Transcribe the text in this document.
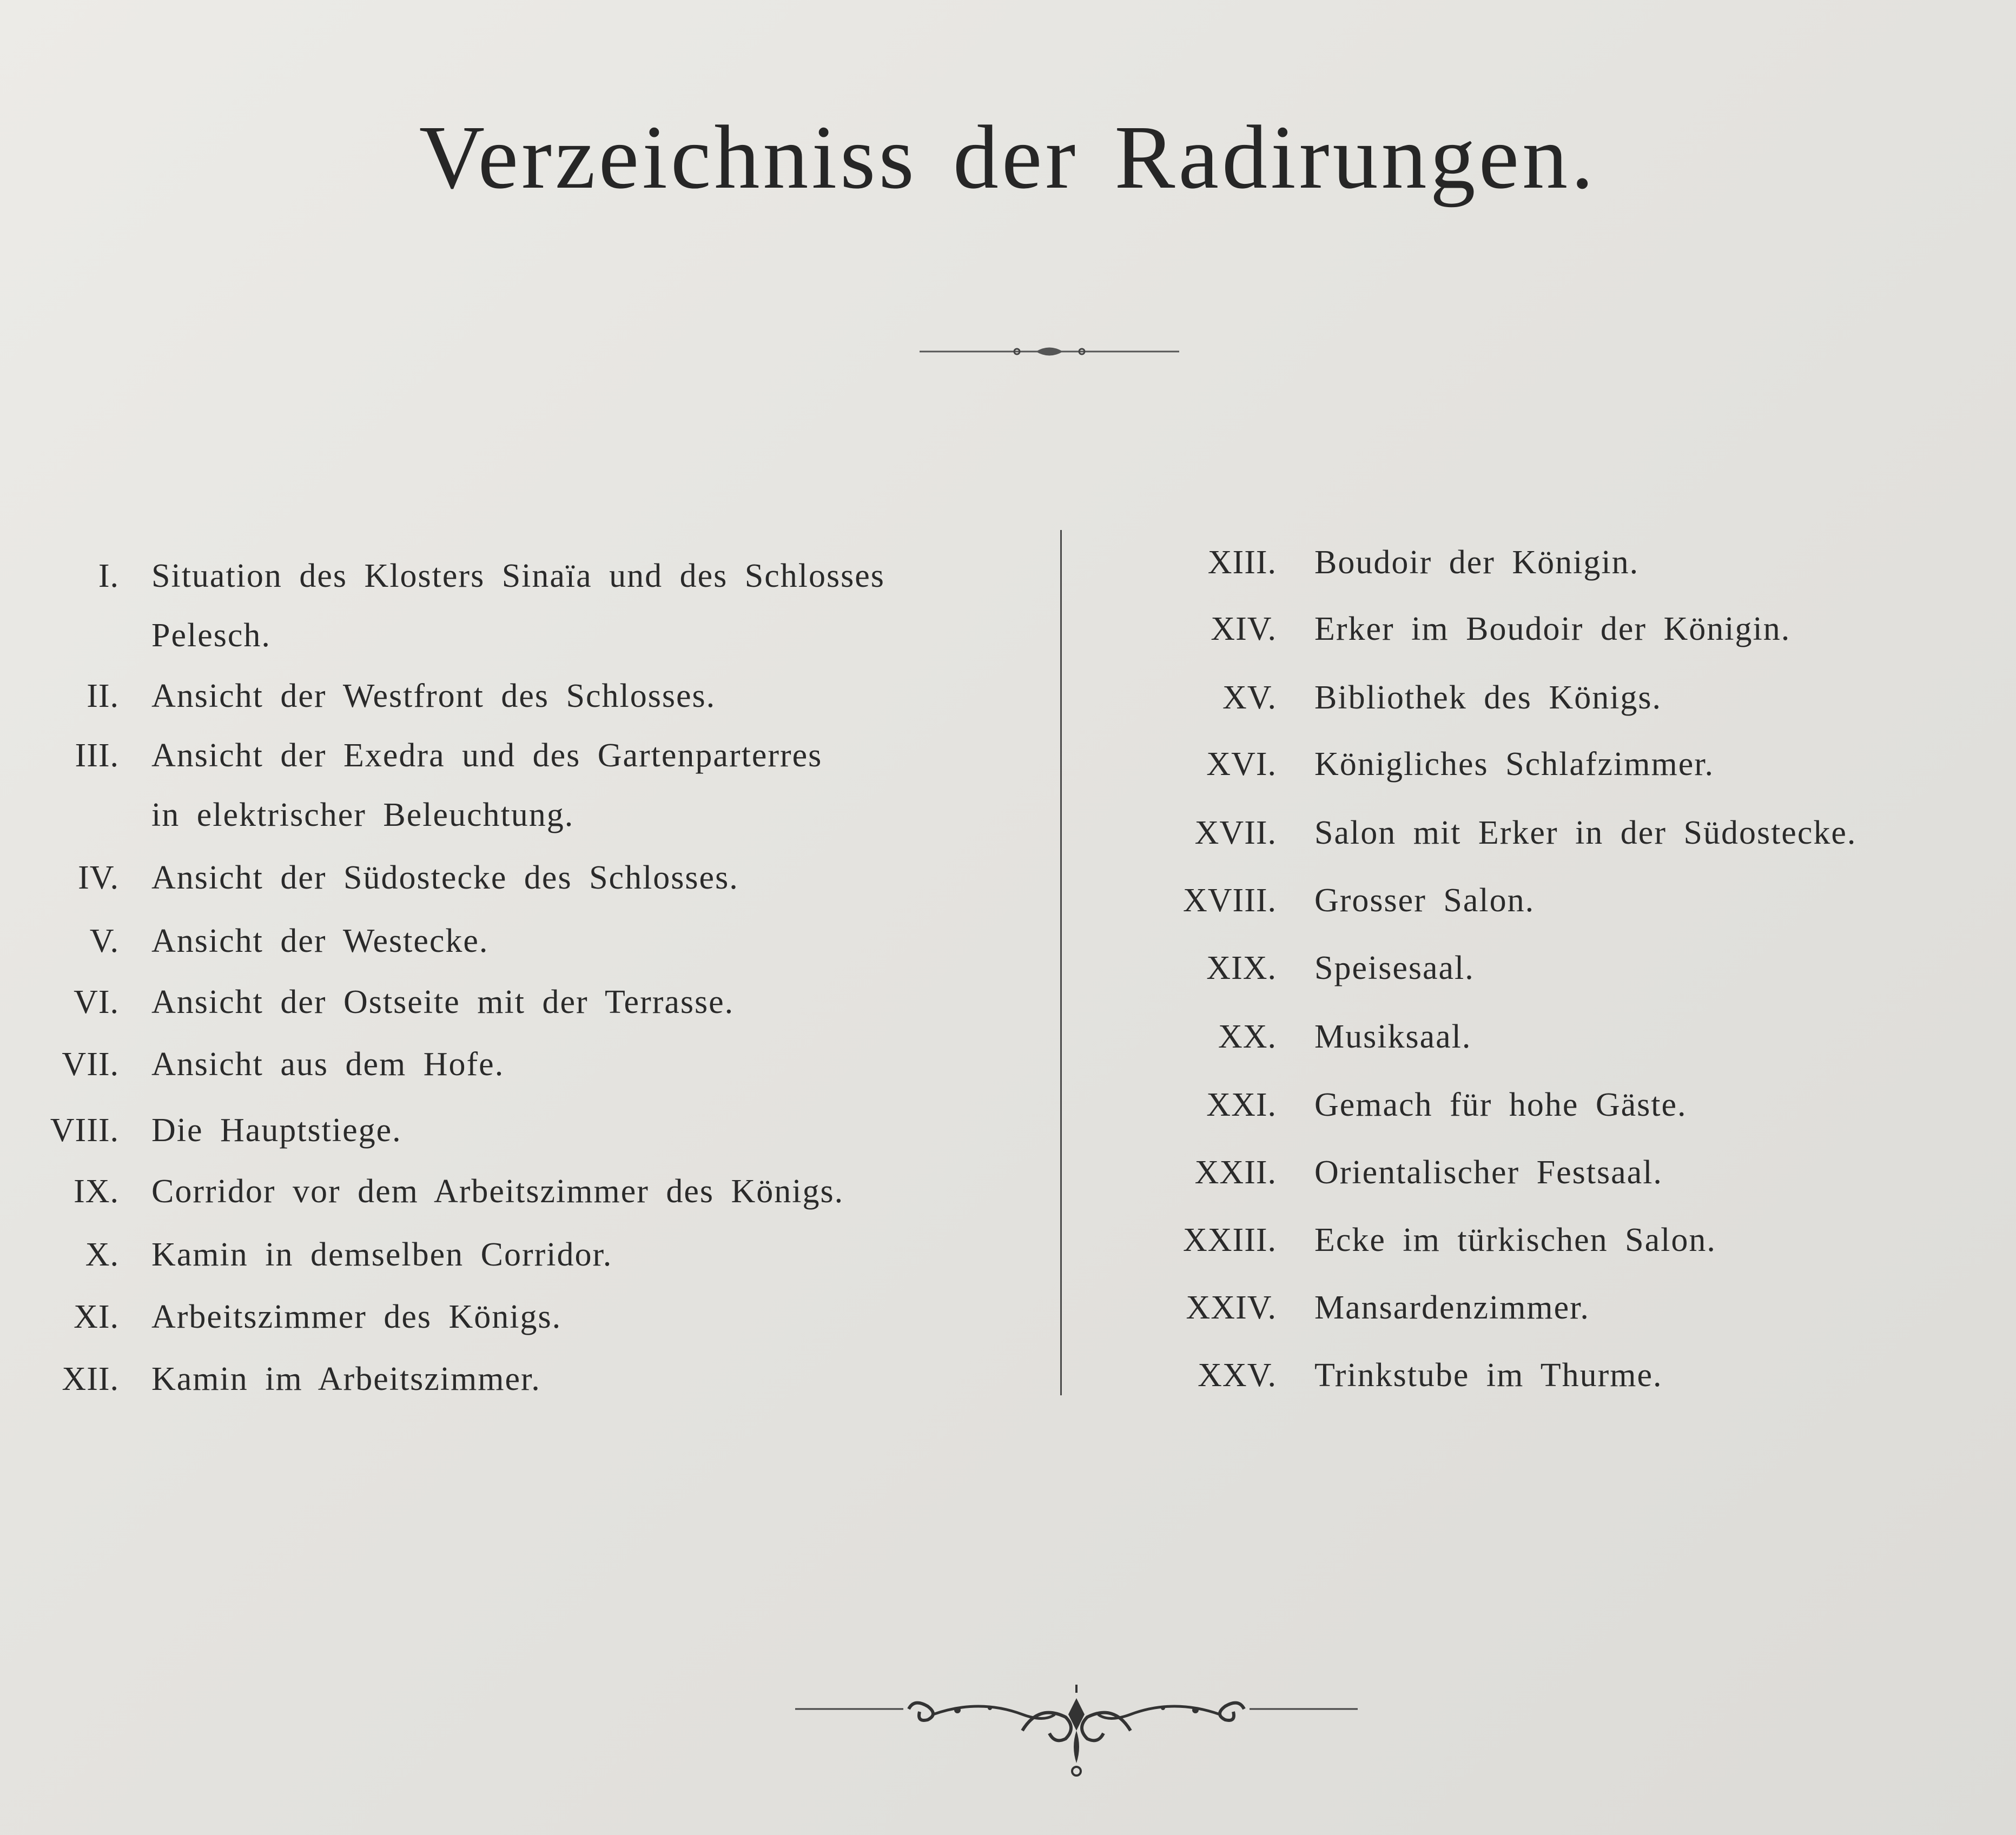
Verzeichniss der Radirungen.
I. Situation des Klosters Sinaïa und des Schlosses
Pelesch.
II. Ansicht der Westfront des Schlosses.
III. Ansicht der Exedra und des Gartenparterres
in elektrischer Beleuchtung.
IV. Ansicht der Südostecke des Schlosses.
V. Ansicht der Westecke.
VI. Ansicht der Ostseite mit der Terrasse.
VII. Ansicht aus dem Hofe.
VIII. Die Hauptstiege.
IX. Corridor vor dem Arbeitszimmer des Königs.
X. Kamin in demselben Corridor.
XI. Arbeitszimmer des Königs.
XII. Kamin im Arbeitszimmer.
XIII. Boudoir der Königin.
XIV. Erker im Boudoir der Königin.
XV. Bibliothek des Königs.
XVI. Königliches Schlafzimmer.
XVII. Salon mit Erker in der Südostecke.
XVIII. Grosser Salon.
XIX. Speisesaal.
XX. Musiksaal.
XXI. Gemach für hohe Gäste.
XXII. Orientalischer Festsaal.
XXIII. Ecke im türkischen Salon.
XXIV. Mansardenzimmer.
XXV. Trinkstube im Thurme.
